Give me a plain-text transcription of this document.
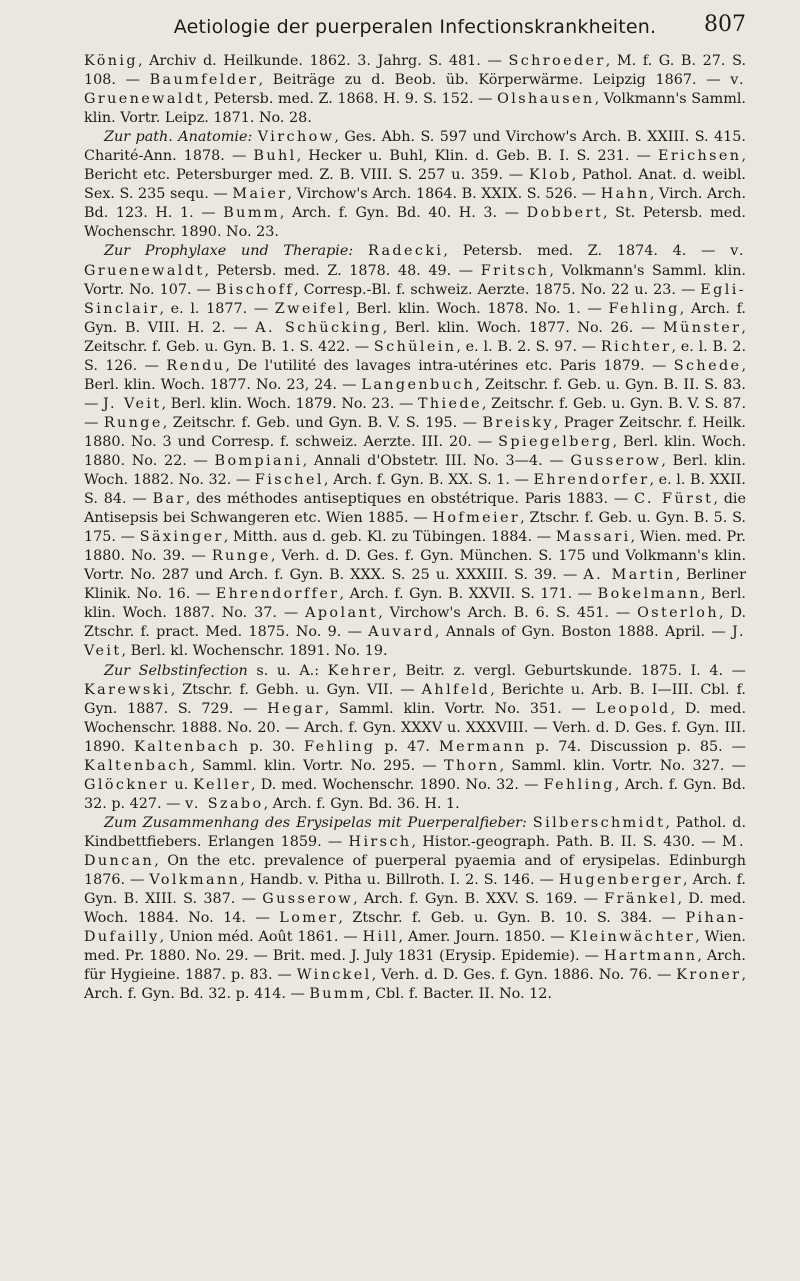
Aetiologie der puerperalen Infectionskrankheiten. 807

König, Archiv d. Heilkunde. 1862. 3. Jahrg. S. 481. — Schroeder, M. f. G. B. 27. S. 108. — Baumfelder, Beiträge zu d. Beob. üb. Körperwärme. Leipzig 1867. — v. Gruenewaldt, Petersb. med. Z. 1868. H. 9. S. 152. — Olshausen, Volkmann's Samml. klin. Vortr. Leipz. 1871. No. 28.

Zur path. Anatomie: Virchow, Ges. Abh. S. 597 und Virchow's Arch. B. XXIII. S. 415. Charité-Ann. 1878. — Buhl, Hecker u. Buhl, Klin. d. Geb. B. I. S. 231. — Erichsen, Bericht etc. Petersburger med. Z. B. VIII. S. 257 u. 359. — Klob, Pathol. Anat. d. weibl. Sex. S. 235 sequ. — Maier, Virchow's Arch. 1864. B. XXIX. S. 526. — Hahn, Virch. Arch. Bd. 123. H. 1. — Bumm, Arch. f. Gyn. Bd. 40. H. 3. — Dobbert, St. Petersb. med. Wochenschr. 1890. No. 23.

Zur Prophylaxe und Therapie: Radecki, Petersb. med. Z. 1874. 4. — v. Gruenewaldt, Petersb. med. Z. 1878. 48. 49. — Fritsch, Volkmann's Samml. klin. Vortr. No. 107. — Bischoff, Corresp.-Bl. f. schweiz. Aerzte. 1875. No. 22 u. 23. — Egli-Sinclair, e. l. 1877. — Zweifel, Berl. klin. Woch. 1878. No. 1. — Fehling, Arch. f. Gyn. B. VIII. H. 2. — A. Schücking, Berl. klin. Woch. 1877. No. 26. — Münster, Zeitschr. f. Geb. u. Gyn. B. 1. S. 422. — Schülein, e. l. B. 2. S. 97. — Richter, e. l. B. 2. S. 126. — Rendu, De l'utilité des lavages intra-utérines etc. Paris 1879. — Schede, Berl. klin. Woch. 1877. No. 23, 24. — Langenbuch, Zeitschr. f. Geb. u. Gyn. B. II. S. 83. — J. Veit, Berl. klin. Woch. 1879. No. 23. — Thiede, Zeitschr. f. Geb. u. Gyn. B. V. S. 87. — Runge, Zeitschr. f. Geb. und Gyn. B. V. S. 195. — Breisky, Prager Zeitschr. f. Heilk. 1880. No. 3 und Corresp. f. schweiz. Aerzte. III. 20. — Spiegelberg, Berl. klin. Woch. 1880. No. 22. — Bompiani, Annali d'Obstetr. III. No. 3—4. — Gusserow, Berl. klin. Woch. 1882. No. 32. — Fischel, Arch. f. Gyn. B. XX. S. 1. — Ehrendorfer, e. l. B. XXII. S. 84. — Bar, des méthodes antiseptiques en obstétrique. Paris 1883. — C. Fürst, die Antisepsis bei Schwangeren etc. Wien 1885. — Hofmeier, Ztschr. f. Geb. u. Gyn. B. 5. S. 175. — Säxinger, Mitth. aus d. geb. Kl. zu Tübingen. 1884. — Massari, Wien. med. Pr. 1880. No. 39. — Runge, Verh. d. D. Ges. f. Gyn. München. S. 175 und Volkmann's klin. Vortr. No. 287 und Arch. f. Gyn. B. XXX. S. 25 u. XXXIII. S. 39. — A. Martin, Berliner Klinik. No. 16. — Ehrendorffer, Arch. f. Gyn. B. XXVII. S. 171. — Bokelmann, Berl. klin. Woch. 1887. No. 37. — Apolant, Virchow's Arch. B. 6. S. 451. — Osterloh, D. Ztschr. f. pract. Med. 1875. No. 9. — Auvard, Annals of Gyn. Boston 1888. April. — J. Veit, Berl. kl. Wochenschr. 1891. No. 19.

Zur Selbstinfection s. u. A.: Kehrer, Beitr. z. vergl. Geburtskunde. 1875. I. 4. — Karewski, Ztschr. f. Gebh. u. Gyn. VII. — Ahlfeld, Berichte u. Arb. B. I—III. Cbl. f. Gyn. 1887. S. 729. — Hegar, Samml. klin. Vortr. No. 351. — Leopold, D. med. Wochenschr. 1888. No. 20. — Arch. f. Gyn. XXXV u. XXXVIII. — Verh. d. D. Ges. f. Gyn. III. 1890. Kaltenbach p. 30. Fehling p. 47. Mermann p. 74. Discussion p. 85. — Kaltenbach, Samml. klin. Vortr. No. 295. — Thorn, Samml. klin. Vortr. No. 327. — Glöckner u. Keller, D. med. Wochenschr. 1890. No. 32. — Fehling, Arch. f. Gyn. Bd. 32. p. 427. — v. Szabo, Arch. f. Gyn. Bd. 36. H. 1.

Zum Zusammenhang des Erysipelas mit Puerperalfieber: Silberschmidt, Pathol. d. Kindbettfiebers. Erlangen 1859. — Hirsch, Histor.-geograph. Path. B. II. S. 430. — M. Duncan, On the etc. prevalence of puerperal pyaemia and of erysipelas. Edinburgh 1876. — Volkmann, Handb. v. Pitha u. Billroth. I. 2. S. 146. — Hugenberger, Arch. f. Gyn. B. XIII. S. 387. — Gusserow, Arch. f. Gyn. B. XXV. S. 169. — Fränkel, D. med. Woch. 1884. No. 14. — Lomer, Ztschr. f. Geb. u. Gyn. B. 10. S. 384. — Pihan-Dufailly, Union méd. Août 1861. — Hill, Amer. Journ. 1850. — Kleinwächter, Wien. med. Pr. 1880. No. 29. — Brit. med. J. July 1831 (Erysip. Epidemie). — Hartmann, Arch. für Hygieine. 1887. p. 83. — Winckel, Verh. d. D. Ges. f. Gyn. 1886. No. 76. — Kroner, Arch. f. Gyn. Bd. 32. p. 414. — Bumm, Cbl. f. Bacter. II. No. 12.
